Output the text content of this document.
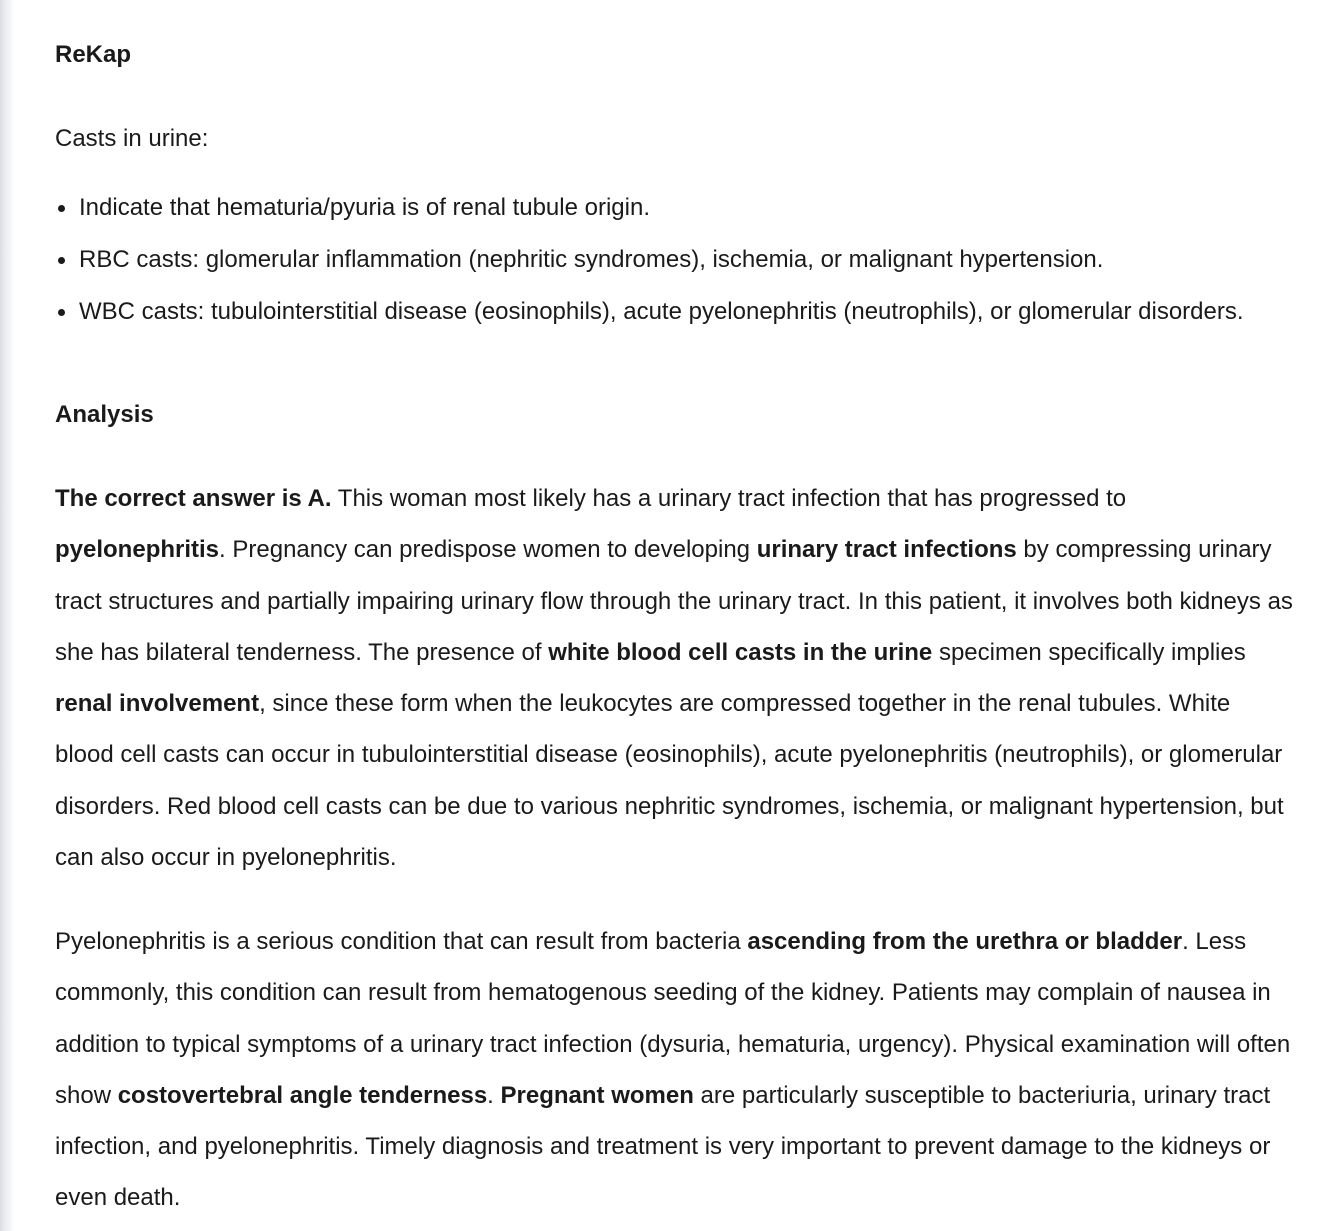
ReKap

Casts in urine:

Indicate that hematuria/pyuria is of renal tubule origin.
RBC casts: glomerular inflammation (nephritic syndromes), ischemia, or malignant hypertension.
WBC casts: tubulointerstitial disease (eosinophils), acute pyelonephritis (neutrophils), or glomerular disorders.
Analysis

The correct answer is A. This woman most likely has a urinary tract infection that has progressed to pyelonephritis. Pregnancy can predispose women to developing urinary tract infections by compressing urinary tract structures and partially impairing urinary flow through the urinary tract. In this patient, it involves both kidneys as she has bilateral tenderness. The presence of white blood cell casts in the urine specimen specifically implies renal involvement, since these form when the leukocytes are compressed together in the renal tubules. White blood cell casts can occur in tubulointerstitial disease (eosinophils), acute pyelonephritis (neutrophils), or glomerular disorders. Red blood cell casts can be due to various nephritic syndromes, ischemia, or malignant hypertension, but can also occur in pyelonephritis.

Pyelonephritis is a serious condition that can result from bacteria ascending from the urethra or bladder. Less commonly, this condition can result from hematogenous seeding of the kidney. Patients may complain of nausea in addition to typical symptoms of a urinary tract infection (dysuria, hematuria, urgency). Physical examination will often show costovertebral angle tenderness. Pregnant women are particularly susceptible to bacteriuria, urinary tract infection, and pyelonephritis. Timely diagnosis and treatment is very important to prevent damage to the kidneys or even death.
